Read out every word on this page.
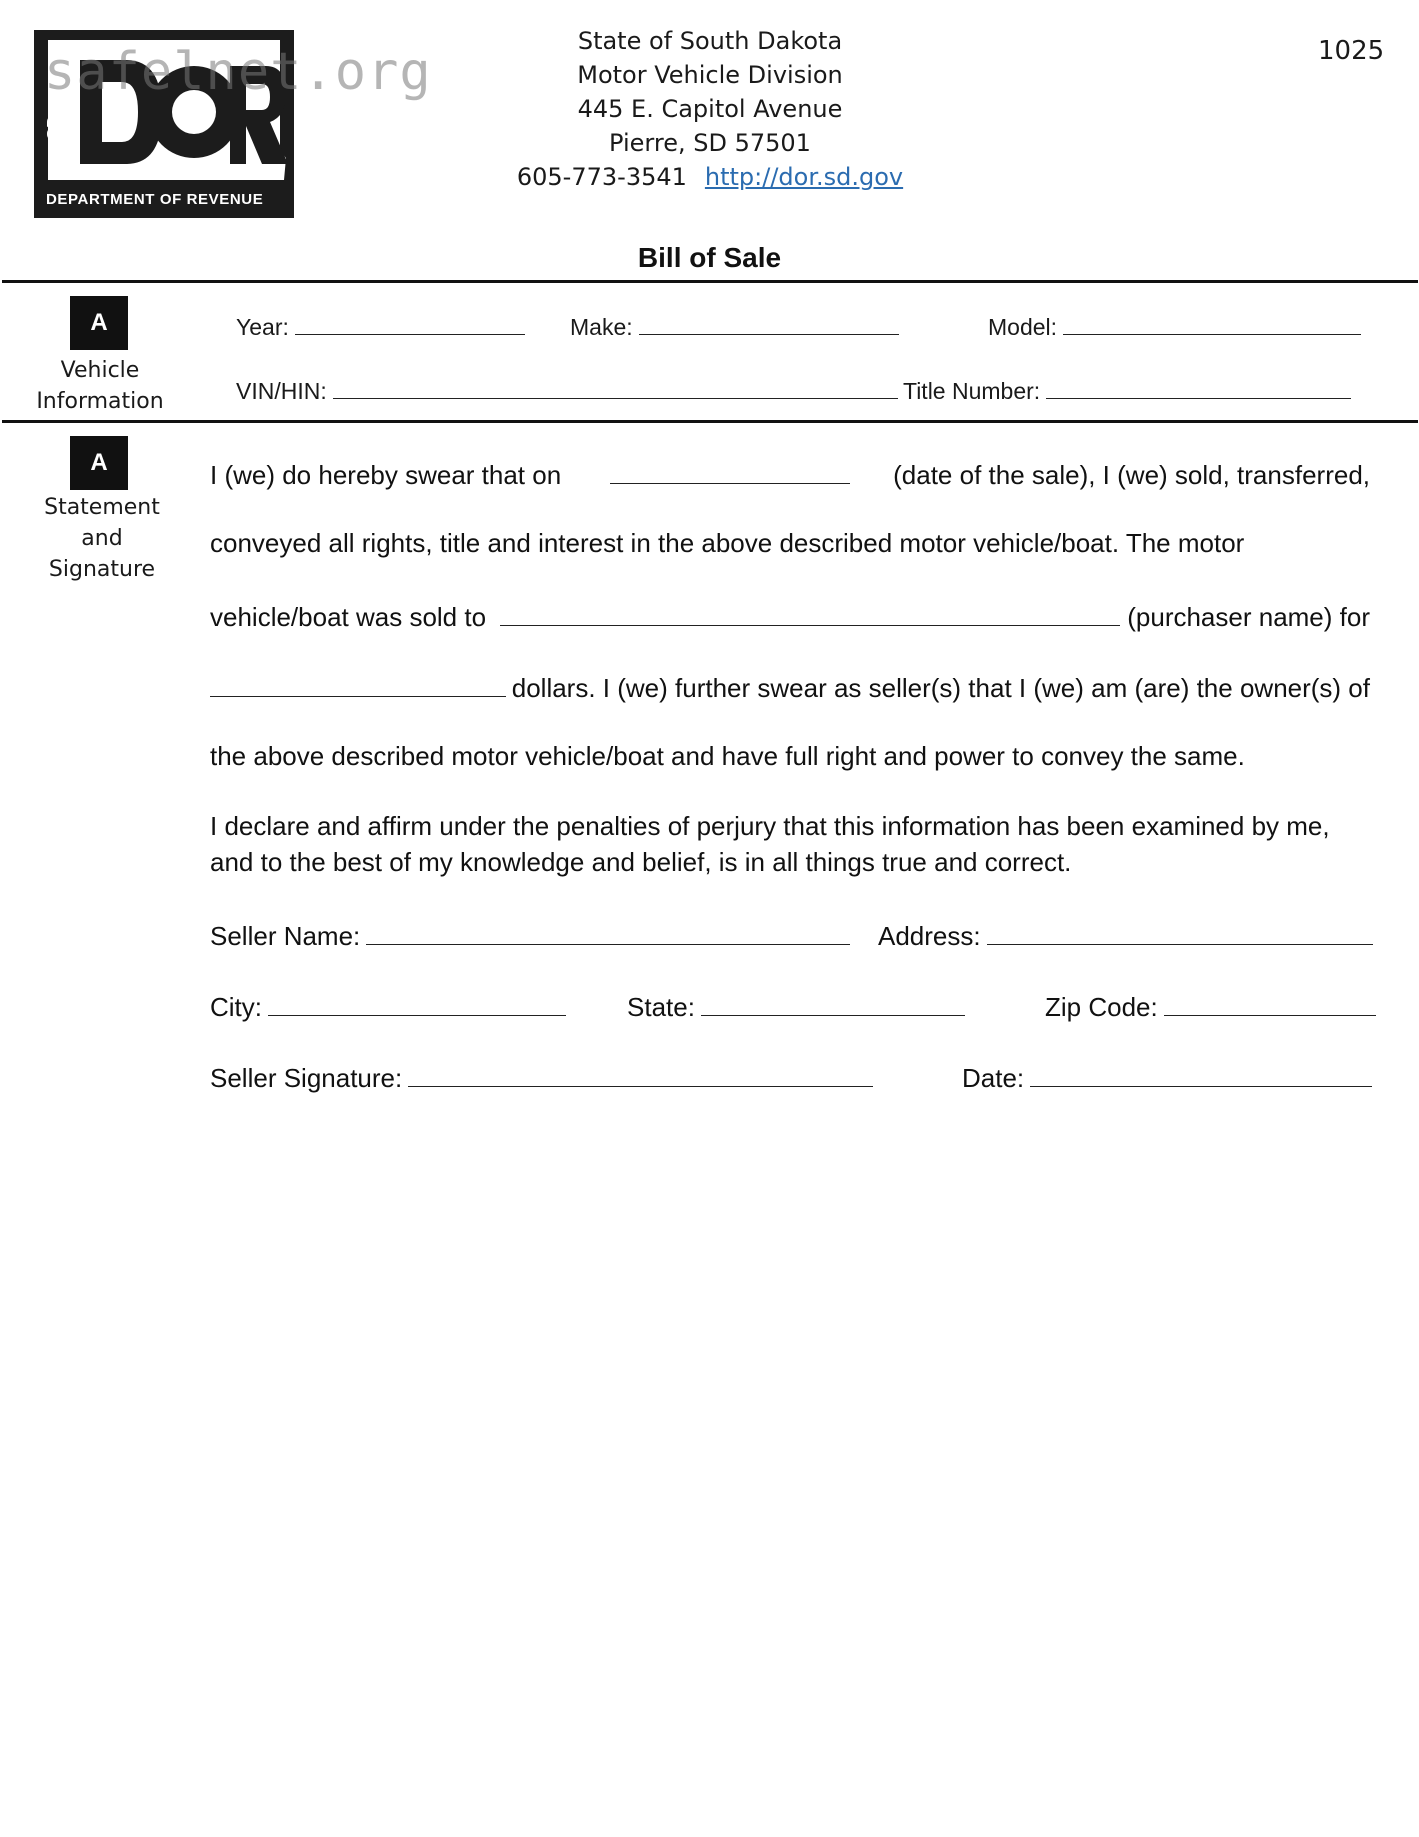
SD
DEPARTMENT OF REVENUE
safelnet.org
State of South Dakota
Motor Vehicle Division
445 E. Capitol Avenue
Pierre, SD 57501
605-773-3541 http://dor.sd.gov
1025
Bill of Sale
A
Vehicle
Information
Year:	Make:	Model:
VIN/HIN:	Title Number:
A
Statement
and
Signature
I (we) do hereby swear that on	(date of the sale), I (we) sold, transferred,
conveyed all rights, title and interest in the above described motor vehicle/boat. The motor
vehicle/boat was sold to	(purchaser name) for
dollars. I (we) further swear as seller(s) that I (we) am (are) the owner(s) of
the above described motor vehicle/boat and have full right and power to convey the same.
I declare and affirm under the penalties of perjury that this information has been examined by me,
and to the best of my knowledge and belief, is in all things true and correct.
Seller Name:	Address:
City:	State:	Zip Code:
Seller Signature:	Date:
